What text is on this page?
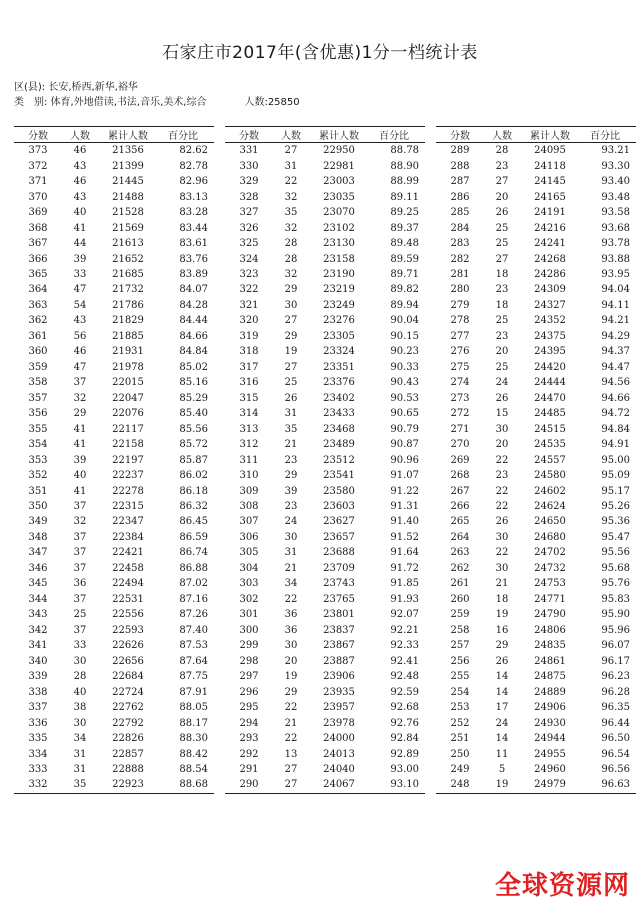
石家庄市2017年(含优惠)1分一档统计表
区(县): 长安,桥西,新华,裕华
类　别: 体育,外地借读,书法,音乐,美术,综合	人数:25850
分数	人数	累计人数	百分比
373	46	21356	82.62
372	43	21399	82.78
371	46	21445	82.96
370	43	21488	83.13
369	40	21528	83.28
368	41	21569	83.44
367	44	21613	83.61
366	39	21652	83.76
365	33	21685	83.89
364	47	21732	84.07
363	54	21786	84.28
362	43	21829	84.44
361	56	21885	84.66
360	46	21931	84.84
359	47	21978	85.02
358	37	22015	85.16
357	32	22047	85.29
356	29	22076	85.40
355	41	22117	85.56
354	41	22158	85.72
353	39	22197	85.87
352	40	22237	86.02
351	41	22278	86.18
350	37	22315	86.32
349	32	22347	86.45
348	37	22384	86.59
347	37	22421	86.74
346	37	22458	86.88
345	36	22494	87.02
344	37	22531	87.16
343	25	22556	87.26
342	37	22593	87.40
341	33	22626	87.53
340	30	22656	87.64
339	28	22684	87.75
338	40	22724	87.91
337	38	22762	88.05
336	30	22792	88.17
335	34	22826	88.30
334	31	22857	88.42
333	31	22888	88.54
332	35	22923	88.68
分数	人数	累计人数	百分比
331	27	22950	88.78
330	31	22981	88.90
329	22	23003	88.99
328	32	23035	89.11
327	35	23070	89.25
326	32	23102	89.37
325	28	23130	89.48
324	28	23158	89.59
323	32	23190	89.71
322	29	23219	89.82
321	30	23249	89.94
320	27	23276	90.04
319	29	23305	90.15
318	19	23324	90.23
317	27	23351	90.33
316	25	23376	90.43
315	26	23402	90.53
314	31	23433	90.65
313	35	23468	90.79
312	21	23489	90.87
311	23	23512	90.96
310	29	23541	91.07
309	39	23580	91.22
308	23	23603	91.31
307	24	23627	91.40
306	30	23657	91.52
305	31	23688	91.64
304	21	23709	91.72
303	34	23743	91.85
302	22	23765	91.93
301	36	23801	92.07
300	36	23837	92.21
299	30	23867	92.33
298	20	23887	92.41
297	19	23906	92.48
296	29	23935	92.59
295	22	23957	92.68
294	21	23978	92.76
293	22	24000	92.84
292	13	24013	92.89
291	27	24040	93.00
290	27	24067	93.10
分数	人数	累计人数	百分比
289	28	24095	93.21
288	23	24118	93.30
287	27	24145	93.40
286	20	24165	93.48
285	26	24191	93.58
284	25	24216	93.68
283	25	24241	93.78
282	27	24268	93.88
281	18	24286	93.95
280	23	24309	94.04
279	18	24327	94.11
278	25	24352	94.21
277	23	24375	94.29
276	20	24395	94.37
275	25	24420	94.47
274	24	24444	94.56
273	26	24470	94.66
272	15	24485	94.72
271	30	24515	94.84
270	20	24535	94.91
269	22	24557	95.00
268	23	24580	95.09
267	22	24602	95.17
266	22	24624	95.26
265	26	24650	95.36
264	30	24680	95.47
263	22	24702	95.56
262	30	24732	95.68
261	21	24753	95.76
260	18	24771	95.83
259	19	24790	95.90
258	16	24806	95.96
257	29	24835	96.07
256	26	24861	96.17
255	14	24875	96.23
254	14	24889	96.28
253	17	24906	96.35
252	24	24930	96.44
251	14	24944	96.50
250	11	24955	96.54
249	5	24960	96.56
248	19	24979	96.63
全球资源网
